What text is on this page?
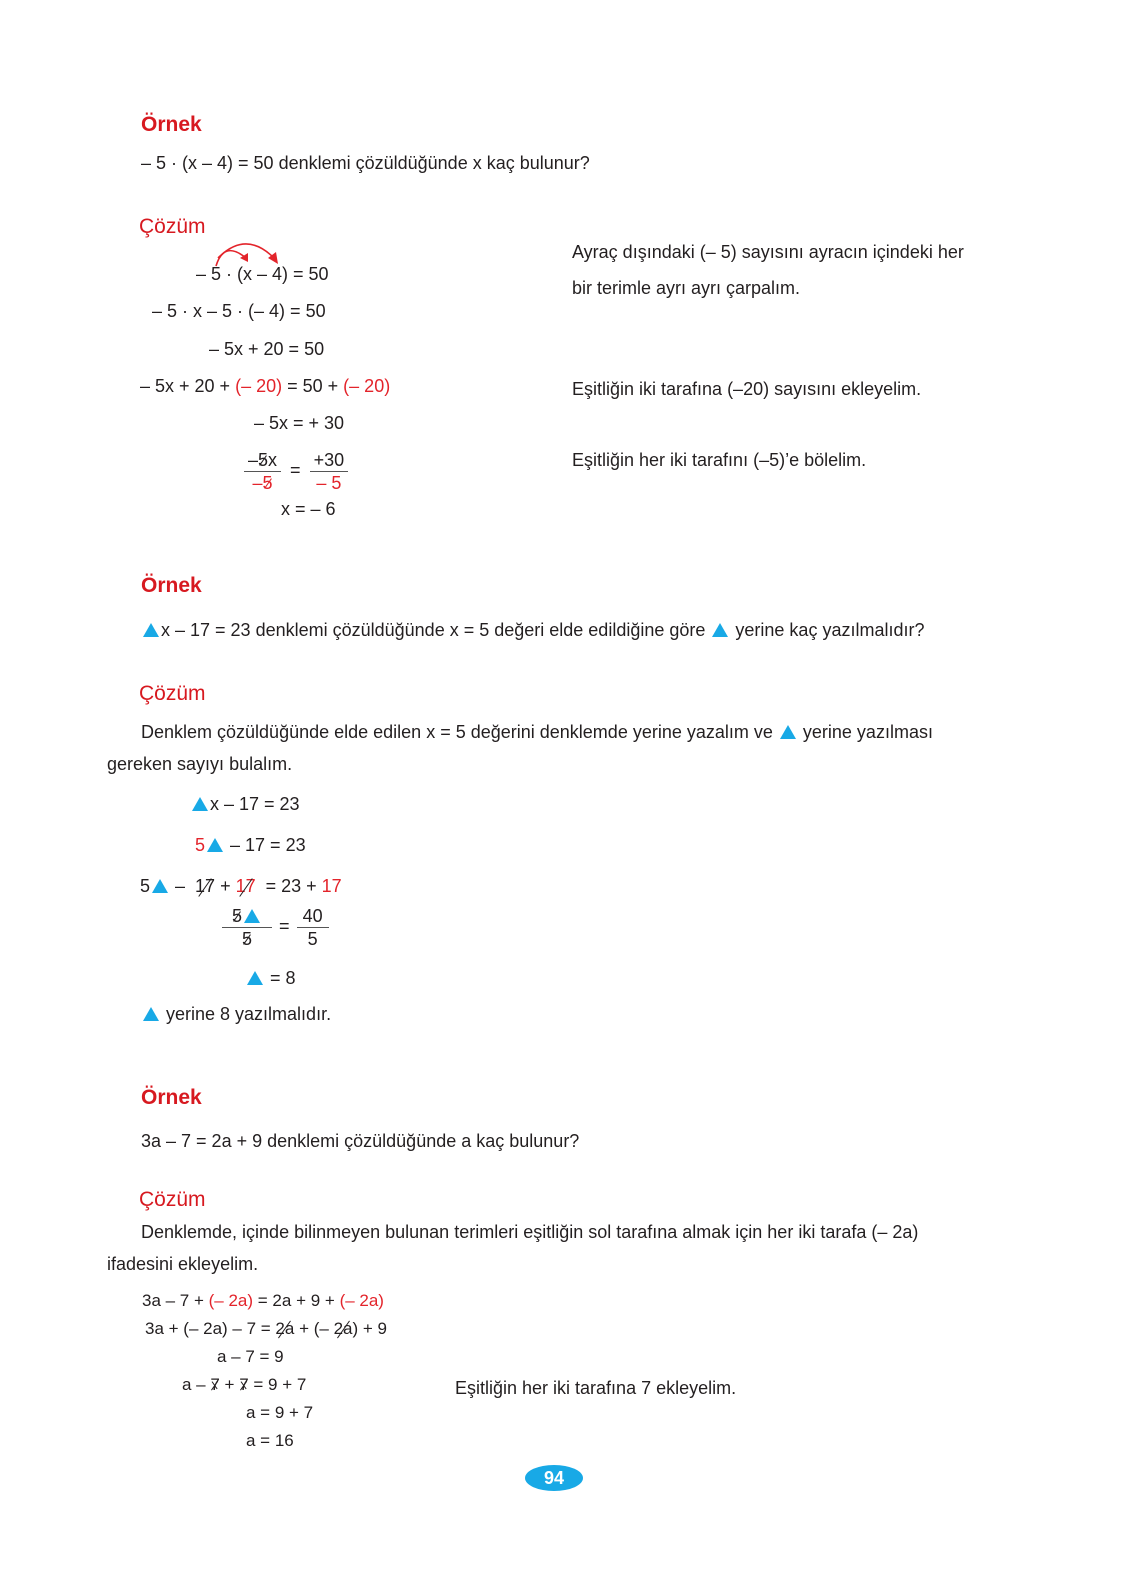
Örnek
– 5 · (x – 4) = 50 denklemi çözüldüğünde x kaç bulunur?
Çözüm
– 5 · (x – 4) = 50
– 5 · x – 5 · (– 4) = 50
– 5x + 20 = 50
– 5x + 20 + (– 20) = 50 + (– 20)
– 5x = + 30
$\frac{-5x}{-5} = \frac{+30}{- 5}$
x = – 6
Ayraç dışındaki (– 5) sayısını ayracın içindeki her
bir terimle ayrı ayrı çarpalım.
Eşitliğin iki tarafına (–20) sayısını ekleyelim.
Eşitliğin her iki tarafını (–5)’e bölelim.
Örnek
x – 17 = 23 denklemi çözüldüğünde x = 5 değeri elde edildiğine göre  yerine kaç yazılmalıdır?
Çözüm
Denklem çözüldüğünde elde edilen x = 5 değerini denklemde yerine yazalım ve  yerine yazılması
gereken sayıyı bulalım.
x – 17 = 23
5 – 17 = 23
5 –  17 + 17  = 23 + 17
$\frac{5}{5} = \frac{40}{5}$
= 8
yerine 8 yazılmalıdır.
Örnek
3a – 7 = 2a + 9 denklemi çözüldüğünde a kaç bulunur?
Çözüm
Denklemde, içinde bilinmeyen bulunan terimleri eşitliğin sol tarafına almak için her iki tarafa (– 2a)
ifadesini ekleyelim.
3a – 7 + (– 2a) = 2a + 9 + (– 2a)
3a + (– 2a) – 7 = 2a + (– 2a) + 9
a – 7 = 9
a – 7 + 7 = 9 + 7
a = 9 + 7
a = 16
Eşitliğin her iki tarafına 7 ekleyelim.
94
